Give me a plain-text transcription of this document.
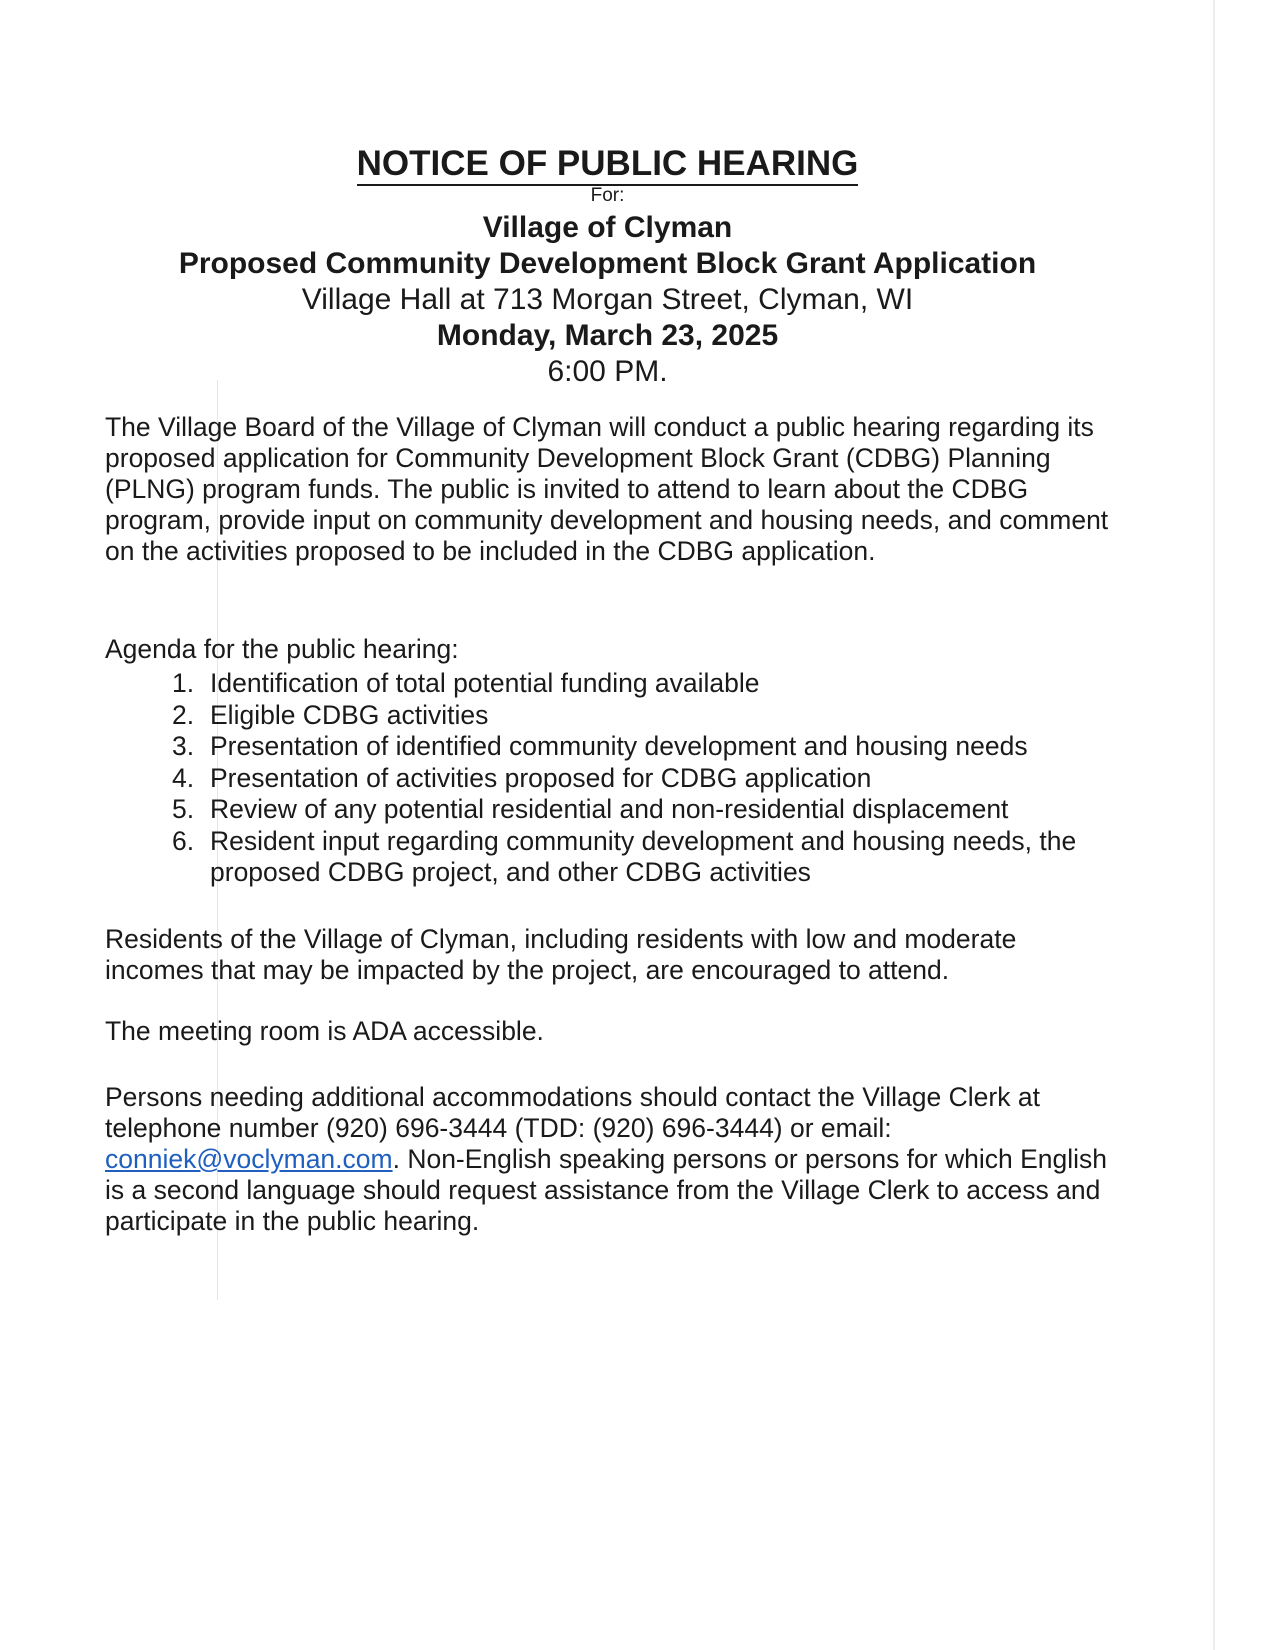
NOTICE OF PUBLIC HEARING
For:
Village of Clyman
Proposed Community Development Block Grant Application
Village Hall at 713 Morgan Street, Clyman, WI
Monday, March 23, 2025
6:00 PM.

The Village Board of the Village of Clyman will conduct a public hearing regarding its proposed application for Community Development Block Grant (CDBG) Planning (PLNG) program funds. The public is invited to attend to learn about the CDBG program, provide input on community development and housing needs, and comment on the activities proposed to be included in the CDBG application.

Agenda for the public hearing:

1. Identification of total potential funding available
2. Eligible CDBG activities
3. Presentation of identified community development and housing needs
4. Presentation of activities proposed for CDBG application
5. Review of any potential residential and non-residential displacement
6. Resident input regarding community development and housing needs, the proposed CDBG project, and other CDBG activities

Residents of the Village of Clyman, including residents with low and moderate incomes that may be impacted by the project, are encouraged to attend.

The meeting room is ADA accessible.

Persons needing additional accommodations should contact the Village Clerk at telephone number (920) 696-3444 (TDD: (920) 696-3444) or email: conniek@voclyman.com. Non-English speaking persons or persons for which English is a second language should request assistance from the Village Clerk to access and participate in the public hearing.
